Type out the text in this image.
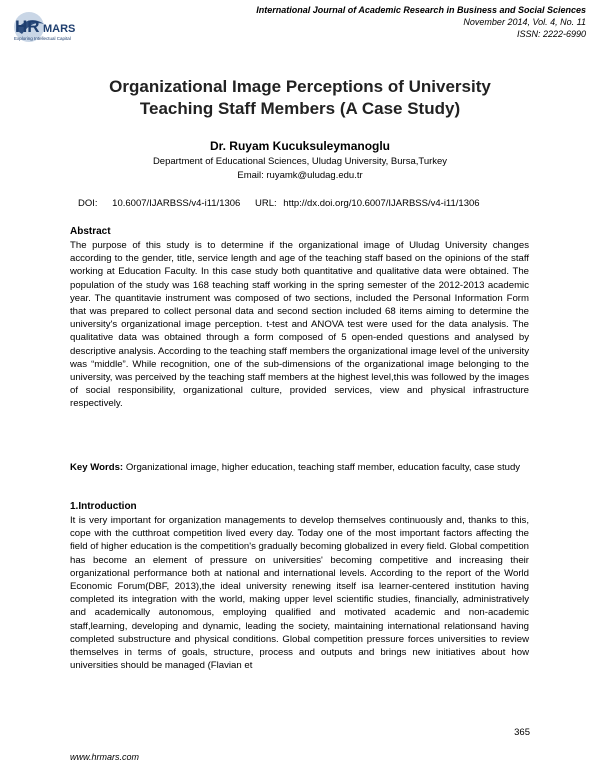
HR MARS
Exploring Intellectual Capital
International Journal of Academic Research in Business and Social Sciences
November 2014, Vol. 4, No. 11
ISSN: 2222-6990
Organizational Image Perceptions of University
Teaching Staff Members (A Case Study)
Dr. Ruyam Kucuksuleymanoglu
Department of Educational Sciences, Uludag University, Bursa,Turkey
Email: ruyamk@uludag.edu.tr
DOI: 10.6007/IJARBSS/v4-i11/1306 URL: http://dx.doi.org/10.6007/IJARBSS/v4-i11/1306
Abstract
The purpose of this study is to determine if the organizational image of Uludag University changes according to the gender, title, service length and age of the teaching staff based on the opinions of the staff working at Education Faculty. In this case study both quantitative and qualitative data were obtained. The population of the study was 168 teaching staff working in the spring semester of the 2012-2013 academic year. The quantitavie instrument was composed of two sections, included the Personal Information Form that was prepared to collect personal data and second section included 68 items aiming to determine the university's organizational image perception. t-test and ANOVA test were used for the data analysis. The qualitative data was obtained through a form composed of 5 open-ended questions and analysed by descriptive analysis. According to the teaching staff members the organizational image level of the university was “middle”. While recognition, one of the sub-dimensions of the organizational image belonging to the university, was perceived by the teaching staff members at the highest level,this was followed by the images of social responsibility, organizational culture, provided services, view and physical infrastructure respectively.
Key Words: Organizational image, higher education, teaching staff member, education faculty, case study
1.Introduction
It is very important for organization managements to develop themselves continuously and, thanks to this, cope with the cutthroat competition lived every day. Today one of the most important factors affecting the field of higher education is the competition's gradually becoming globalized in every field. Global competition has become an element of pressure on universities' becoming competitive and increasing their organizational performance both at national and international levels. According to the report of the World Economic Forum(DBF, 2013),the ideal university renewing itself isa learner-centered institution having completed its integration with the world, making upper level scientific studies, financially, administratively and academically autonomous, employing qualified and motivated academic and non-academic staff,learning, developing and dynamic, leading the society, maintaining international relationsand having completed substructure and physical conditions. Global competition pressure forces universities to review themselves in terms of goals, structure, process and outputs and brings new initiatives about how universities should be managed (Flavian et
365
www.hrmars.com
